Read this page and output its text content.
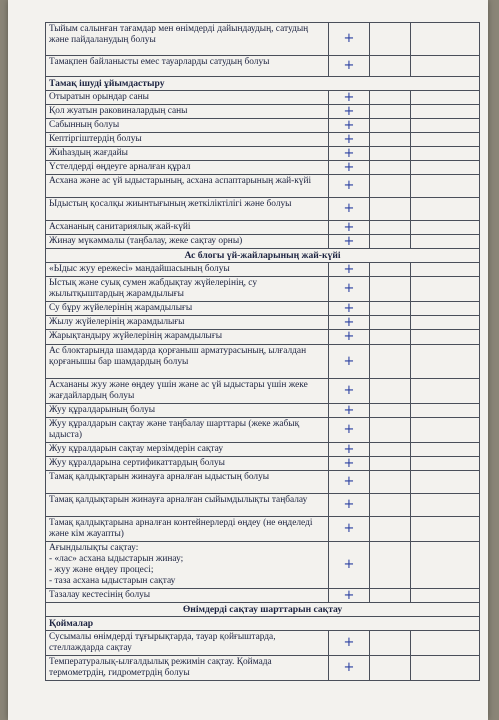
Тыйым салынған тағамдар мен өнімдерді дайындаудың, сатудың және пайдаланудың болуы	+		
Тамақпен байланысты емес тауарларды сатудың болуы	+		
Тамақ ішуді ұйымдастыру			
Отыратын орындар саны	+		
Қол жуатын раковиналардың саны	+		
Сабынның болуы	+		
Кептіргіштердің болуы	+		
Жиһаздың жағдайы	+		
Үстелдерді өңдеуге арналған құрал	+		
Асхана және ас үй ыдыстарының, асхана аспаптарының жай-күйі	+		
Ыдыстың қосалқы жиынтығының жеткіліктілігі және болуы	+		
Асхананың санитариялық жай-күйі	+		
Жинау мүкәммалы (таңбалау, жеке сақтау орны)	+		
Ас блогы үй-жайларының жай-күйі			
«Ыдыс жуу ережесі» мандайшасының болуы	+		
Ыстық және суық сумен жабдықтау жүйелерінің, су жылытқыштардың жарамдылығы	+		
Су бұру жүйелерінің жарамдылығы	+		
Жылу жүйелерінің жарамдылығы	+		
Жарықтандыру жүйелерінің жарамдылығы	+		
Ас блоктарында шамдарда қорғаныш арматурасының, ылғалдан қорғанышы бар шамдардың болуы	+		
Асхананы жуу және өңдеу үшін және ас үй ыдыстары үшін жеке жағдайлардың болуы	+		
Жуу құралдарының болуы	+		
Жуу құралдарын сақтау және таңбалау шарттары (жеке жабық ыдыста)	+		
Жуу құралдарын сақтау мерзімдерін сақтау	+		
Жуу құралдарына сертификаттардың болуы	+		
Тамақ қалдықтарын жинауға арналған ыдыстың болуы	+		
Тамақ қалдықтарын жинауға арналған сыйымдылықты таңбалау	+		
Тамақ қалдықтарына арналған контейнерлерді өңдеу (не өңделеді және кім жауапты)	+		
Ағындылықты сақтау:
- «лас» асхана ыдыстарын жинау;
- жуу және өңдеу процесі;
- таза асхана ыдыстарын сақтау	+		
Тазалау кестесінің болуы	+		
Өнімдерді сақтау шарттарын сақтау			
Қоймалар			
Сусымалы өнімдерді тұғырықтарда, тауар қойғыштарда, стеллаждарда сақтау	+		
Температуралық-ылғалдылық режимін сақтау. Қоймада термометрдің, гидрометрдің болуы	+		
